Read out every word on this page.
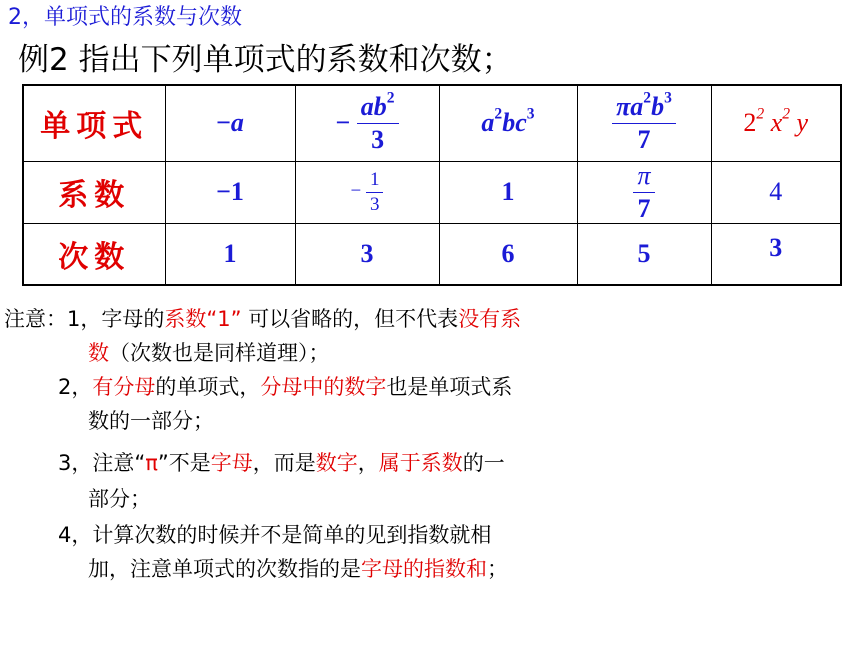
2，单项式的系数与次数
例2 指出下列单项式的系数和次数；
单项式	−a	− $\frac{ab^2}{3}$	$a^2bc^3$	$\frac{\pi a^2b^3}{7}$	$2^2$ $x^2$ y
系数	−1	− $\frac{1}{3}$	1	$\frac{\pi}{7}$	4
次数	1	3	6	5	3
注意：1，字母的系数“1” 可以省略的，但不代表没有系
数（次数也是同样道理）；
2，有分母的单项式，分母中的数字也是单项式系
数的一部分；
3，注意“π”不是字母，而是数字，属于系数的一
部分；
4，计算次数的时候并不是简单的见到指数就相
加，注意单项式的次数指的是字母的指数和；
